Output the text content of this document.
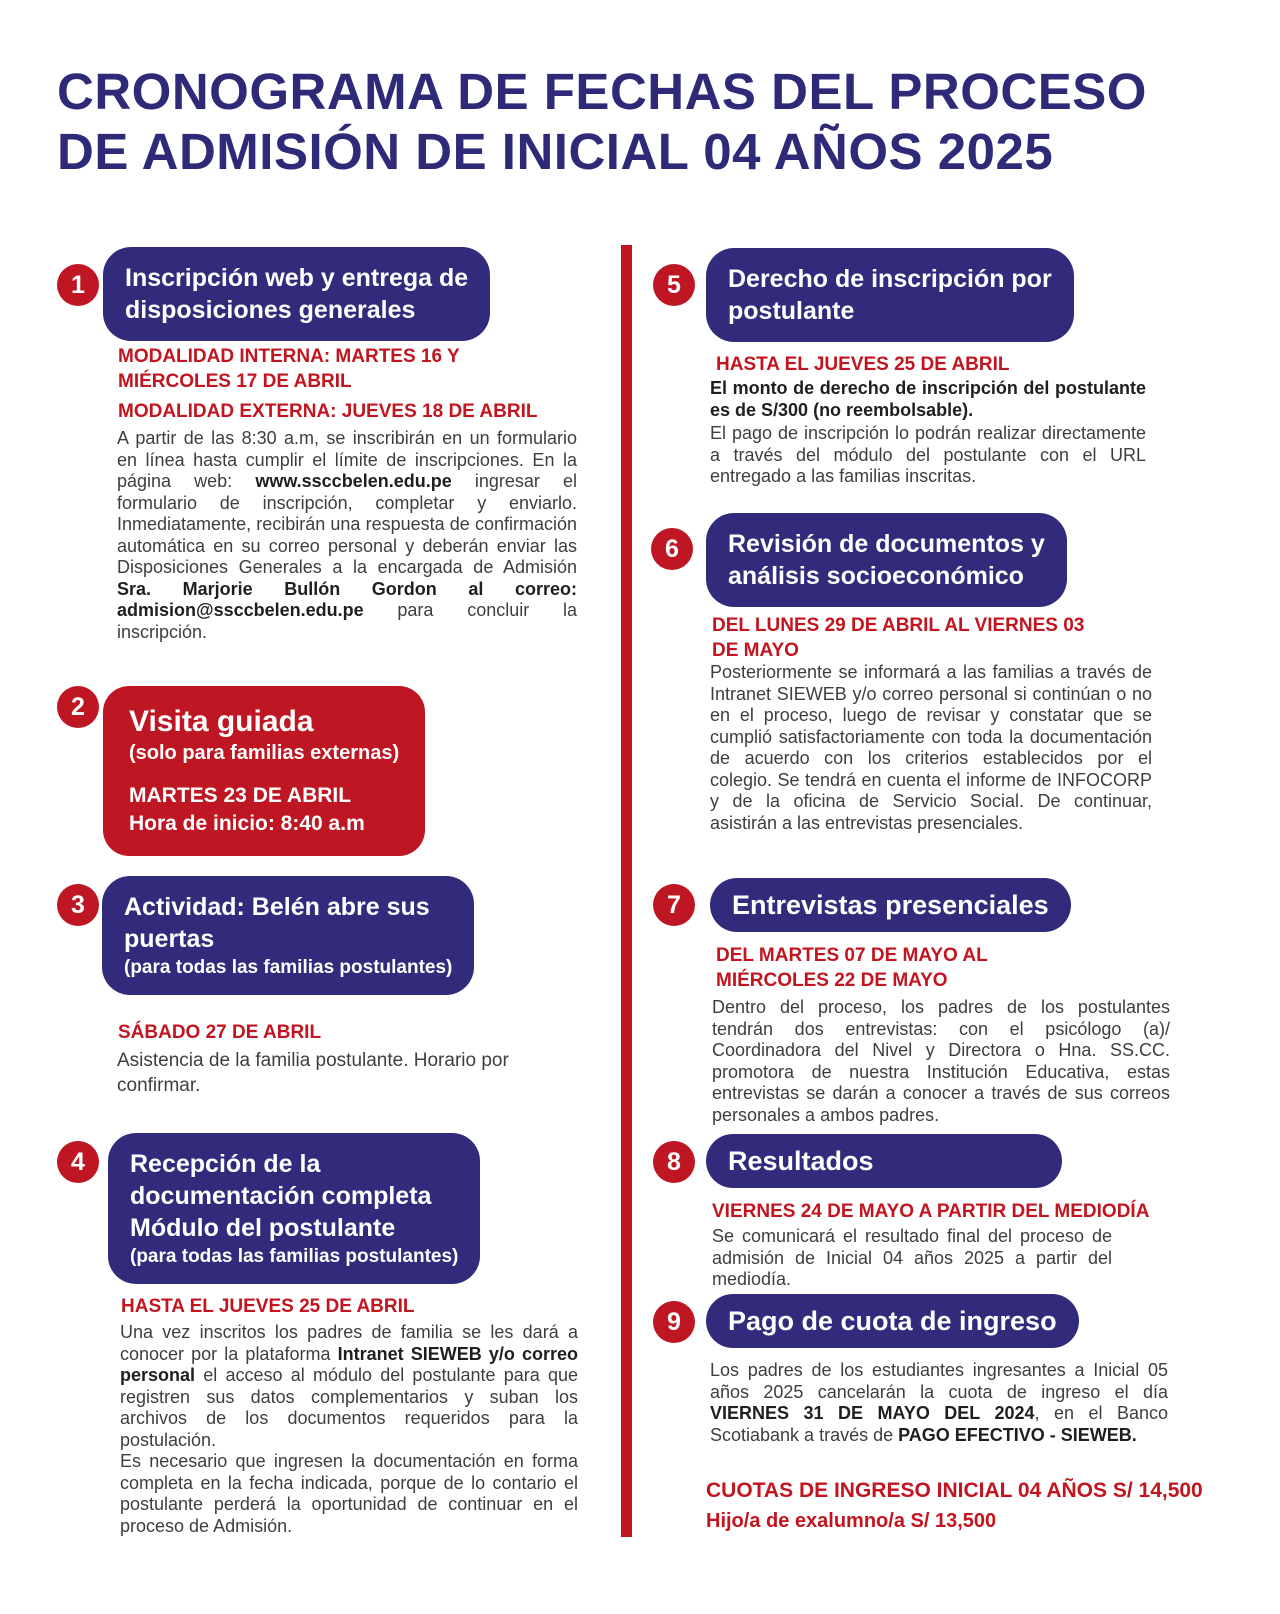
CRONOGRAMA DE FECHAS DEL PROCESO
DE ADMISIÓN DE INICIAL 04 AÑOS 2025
1	Inscripción web y entrega de
disposiciones generales
MODALIDAD INTERNA: MARTES 16 Y MIÉRCOLES 17 DE ABRIL
MODALIDAD EXTERNA: JUEVES 18 DE ABRIL

A partir de las 8:30 a.m, se inscribirán en un formulario en línea hasta cumplir el límite de inscripciones. En la página web: www.ssccbelen.edu.pe ingresar el formulario de inscripción, completar y enviarlo. Inmediatamente, recibirán una respuesta de confirmación automática en su correo personal y deberán enviar las Disposiciones Generales a la encargada de Admisión Sra. Marjorie Bullón Gordon al correo: admision@ssccbelen.edu.pe para concluir la inscripción.

2	Visita guiada
(solo para familias externas)
MARTES 23 DE ABRIL
Hora de inicio: 8:40 a.m
3	Actividad: Belén abre sus
puertas
(para todas las familias postulantes)
SÁBADO 27 DE ABRIL

Asistencia de la familia postulante. Horario por confirmar.

4	Recepción de la
documentación completa
Módulo del postulante
(para todas las familias postulantes)
HASTA EL JUEVES 25 DE ABRIL

Una vez inscritos los padres de familia se les dará a conocer por la plataforma Intranet SIEWEB y/o correo personal el acceso al módulo del postulante para que registren sus datos complementarios y suban los archivos de los documentos requeridos para la postulación.

Es necesario que ingresen la documentación en forma completa en la fecha indicada, porque de lo contario el postulante perderá la oportunidad de continuar en el proceso de Admisión.

5	Derecho de inscripción por
postulante
HASTA EL JUEVES 25 DE ABRIL

El monto de derecho de inscripción del postulante es de S/300 (no reembolsable).

El pago de inscripción lo podrán realizar directamente a través del módulo del postulante con el URL entregado a las familias inscritas.

6	Revisión de documentos y
análisis socioeconómico
DEL LUNES 29 DE ABRIL AL VIERNES 03 DE MAYO

Posteriormente se informará a las familias a través de Intranet SIEWEB y/o correo personal si continúan o no en el proceso, luego de revisar y constatar que se cumplió satisfactoriamente con toda la documentación de acuerdo con los criterios establecidos por el colegio. Se tendrá en cuenta el informe de INFOCORP y de la oficina de Servicio Social. De continuar, asistirán a las entrevistas presenciales.

7	Entrevistas presenciales
DEL MARTES 07 DE MAYO AL MIÉRCOLES 22 DE MAYO

Dentro del proceso, los padres de los postulantes tendrán dos entrevistas: con el psicólogo (a)/ Coordinadora del Nivel y Directora o Hna. SS.CC. promotora de nuestra Institución Educativa, estas entrevistas se darán a conocer a través de sus correos personales a ambos padres.

8	Resultados
VIERNES 24 DE MAYO A PARTIR DEL MEDIODÍA

Se comunicará el resultado final del proceso de admisión de Inicial 04 años 2025 a partir del mediodía.

9	Pago de cuota de ingreso

Los padres de los estudiantes ingresantes a Inicial 05 años 2025 cancelarán la cuota de ingreso el día VIERNES 31 DE MAYO DEL 2024, en el Banco Scotiabank a través de PAGO EFECTIVO - SIEWEB.

CUOTAS DE INGRESO INICIAL 04 AÑOS S/ 14,500
Hijo/a de exalumno/a S/ 13,500
